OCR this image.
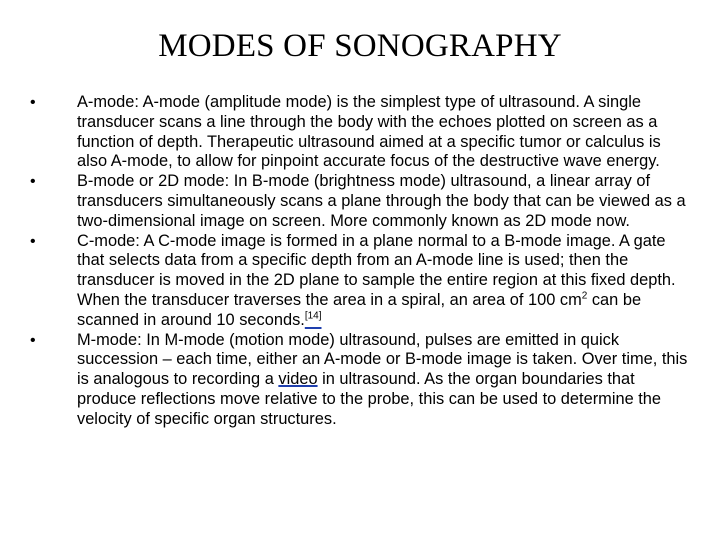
MODES OF SONOGRAPHY
•	A-mode: A-mode (amplitude mode) is the simplest type of ultrasound. A single transducer scans a line through the body with the echoes plotted on screen as a function of depth. Therapeutic ultrasound aimed at a specific tumor or calculus is also A-mode, to allow for pinpoint accurate focus of the destructive wave energy.
•	B-mode or 2D mode: In B-mode (brightness mode) ultrasound, a linear array of transducers simultaneously scans a plane through the body that can be viewed as a two-dimensional image on screen. More commonly known as 2D mode now.
•	C-mode: A C-mode image is formed in a plane normal to a B-mode image. A gate that selects data from a specific depth from an A-mode line is used; then the transducer is moved in the 2D plane to sample the entire region at this fixed depth. When the transducer traverses the area in a spiral, an area of 100 $cm^2$ can be scanned in around 10 seconds.[14]
•	M-mode: In M-mode (motion mode) ultrasound, pulses are emitted in quick succession – each time, either an A-mode or B-mode image is taken. Over time, this is analogous to recording a video in ultrasound. As the organ boundaries that produce reflections move relative to the probe, this can be used to determine the velocity of specific organ structures.
